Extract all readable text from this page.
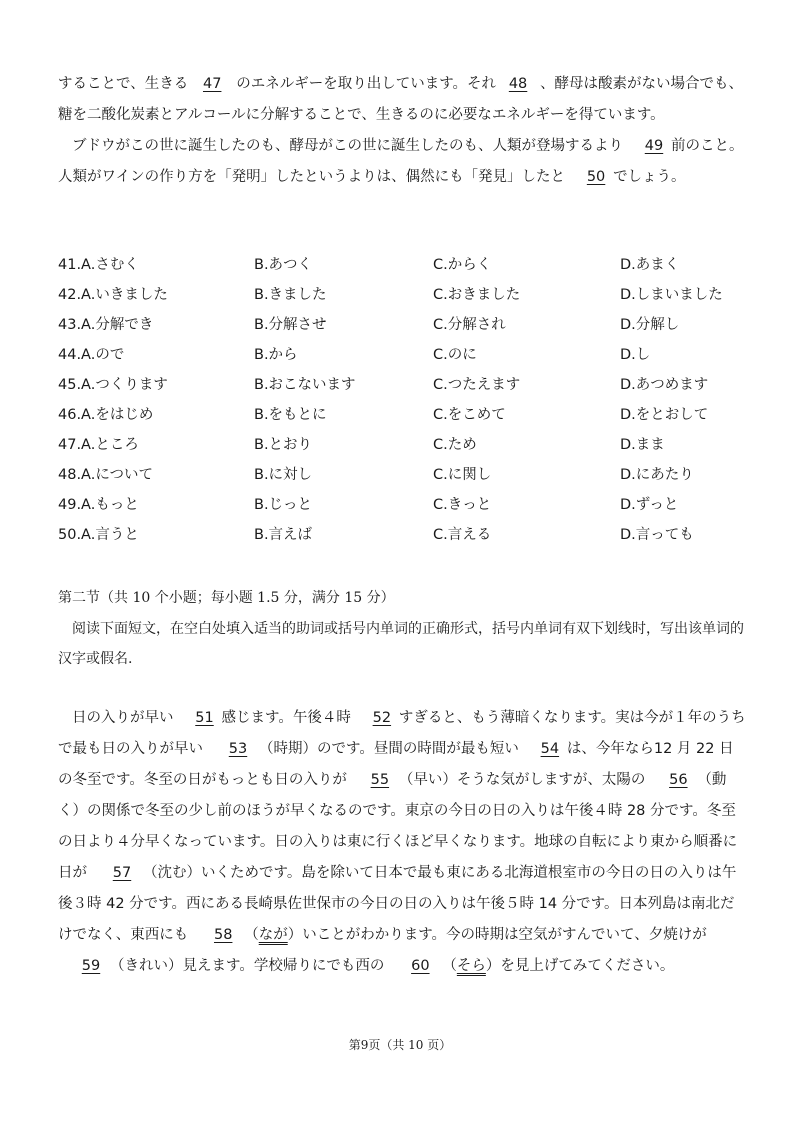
することで、生きる 47 のエネルギーを取り出しています。それ 48 、酵母は酸素がない場合でも、糖を二酸化炭素とアルコールに分解することで、生きるのに必要なエネルギーを得ています。
ブドウがこの世に誕生したのも、酵母がこの世に誕生したのも、人類が登場するより 49 前のこと。人類がワインの作り方を「発明」したというよりは、偶然にも「発見」したと 50 でしょう。
41.A.さむく	B.あつく	C.からく	D.あまく
42.A.いきました	B.きました	C.おきました	D.しまいました
43.A.分解でき	B.分解させ	C.分解され	D.分解し
44.A.ので	B.から	C.のに	D.し
45.A.つくります	B.おこないます	C.つたえます	D.あつめます
46.A.をはじめ	B.をもとに	C.をこめて	D.をとおして
47.A.ところ	B.とおり	C.ため	D.まま
48.A.について	B.に対し	C.に関し	D.にあたり
49.A.もっと	B.じっと	C.きっと	D.ずっと
50.A.言うと	B.言えば	C.言える	D.言っても
第二节（共 10 个小题；每小题 1.5 分，满分 15 分）
阅读下面短文，在空白处填入适当的助词或括号内单词的正确形式，括号内单词有双下划线时，写出该单词的汉字或假名.
日の入りが早い 51 感じます。午後４時 52 すぎると、もう薄暗くなります。実は今が１年のうちで最も日の入りが早い 53 （時期）のです。昼間の時間が最も短い 54 は、今年なら12 月 22 日の冬至です。冬至の日がもっとも日の入りが 55 （早い）そうな気がしますが、太陽の 56 （動く）の関係で冬至の少し前のほうが早くなるのです。東京の今日の日の入りは午後４時 28 分です。冬至の日より４分早くなっています。日の入りは東に行くほど早くなります。地球の自転により東から順番に日が 57 （沈む）いくためです。島を除いて日本で最も東にある北海道根室市の今日の日の入りは午後３時 42 分です。西にある長崎県佐世保市の今日の日の入りは午後５時 14 分です。日本列島は南北だけでなく、東西にも 58 （なが）いことがわかります。今の時期は空気がすんでいて、夕焼けが59 （きれい）見えます。学校帰りにでも西の 60 （そら）を見上げてみてください。
第9页（共 10 页）
